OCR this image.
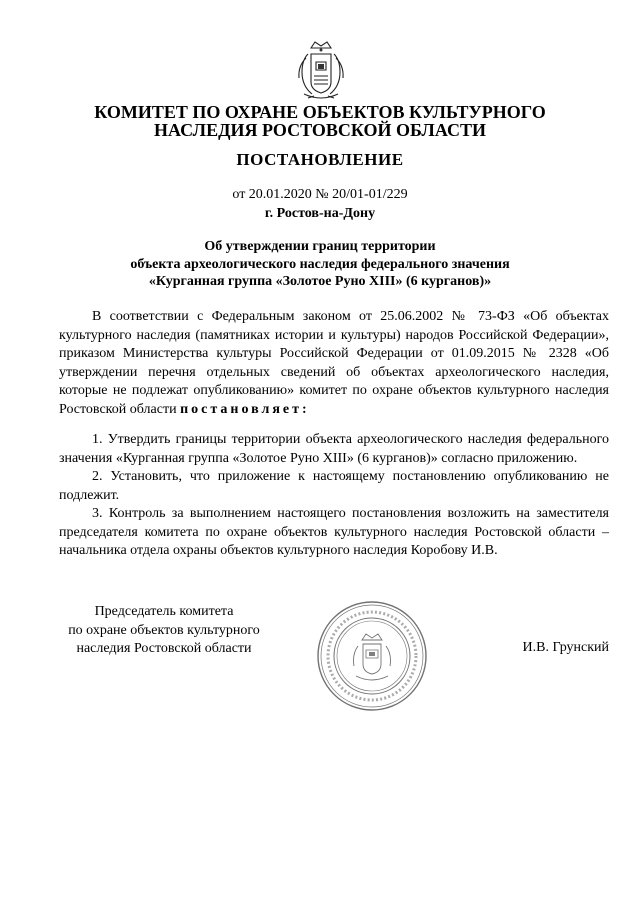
КОМИТЕТ ПО ОХРАНЕ ОБЪЕКТОВ КУЛЬТУРНОГО
НАСЛЕДИЯ РОСТОВСКОЙ ОБЛАСТИ
ПОСТАНОВЛЕНИЕ
от 20.01.2020 № 20/01-01/229
г. Ростов-на-Дону
Об утверждении границ территории
объекта археологического наследия федерального значения
«Курганная группа «Золотое Руно XIII» (6 курганов)»
В соответствии с Федеральным законом от 25.06.2002 № 73-ФЗ «Об объектах культурного наследия (памятниках истории и культуры) народов Российской Федерации», приказом Министерства культуры Российской Федерации от 01.09.2015 № 2328 «Об утверждении перечня отдельных сведений об объектах археологического наследия, которые не подлежат опубликованию» комитет по охране объектов культурного наследия Ростовской области постановляет:

1. Утвердить границы территории объекта археологического наследия федерального значения «Курганная группа «Золотое Руно XIII» (6 курганов)» согласно приложению.

2. Установить, что приложение к настоящему постановлению опубликованию не подлежит.

3. Контроль за выполнением настоящего постановления возложить на заместителя председателя комитета по охране объектов культурного наследия Ростовской области – начальника отдела охраны объектов культурного наследия Коробову И.В.

Председатель комитета
по охране объектов культурного
наследия Ростовской области	И.В. Грунский
